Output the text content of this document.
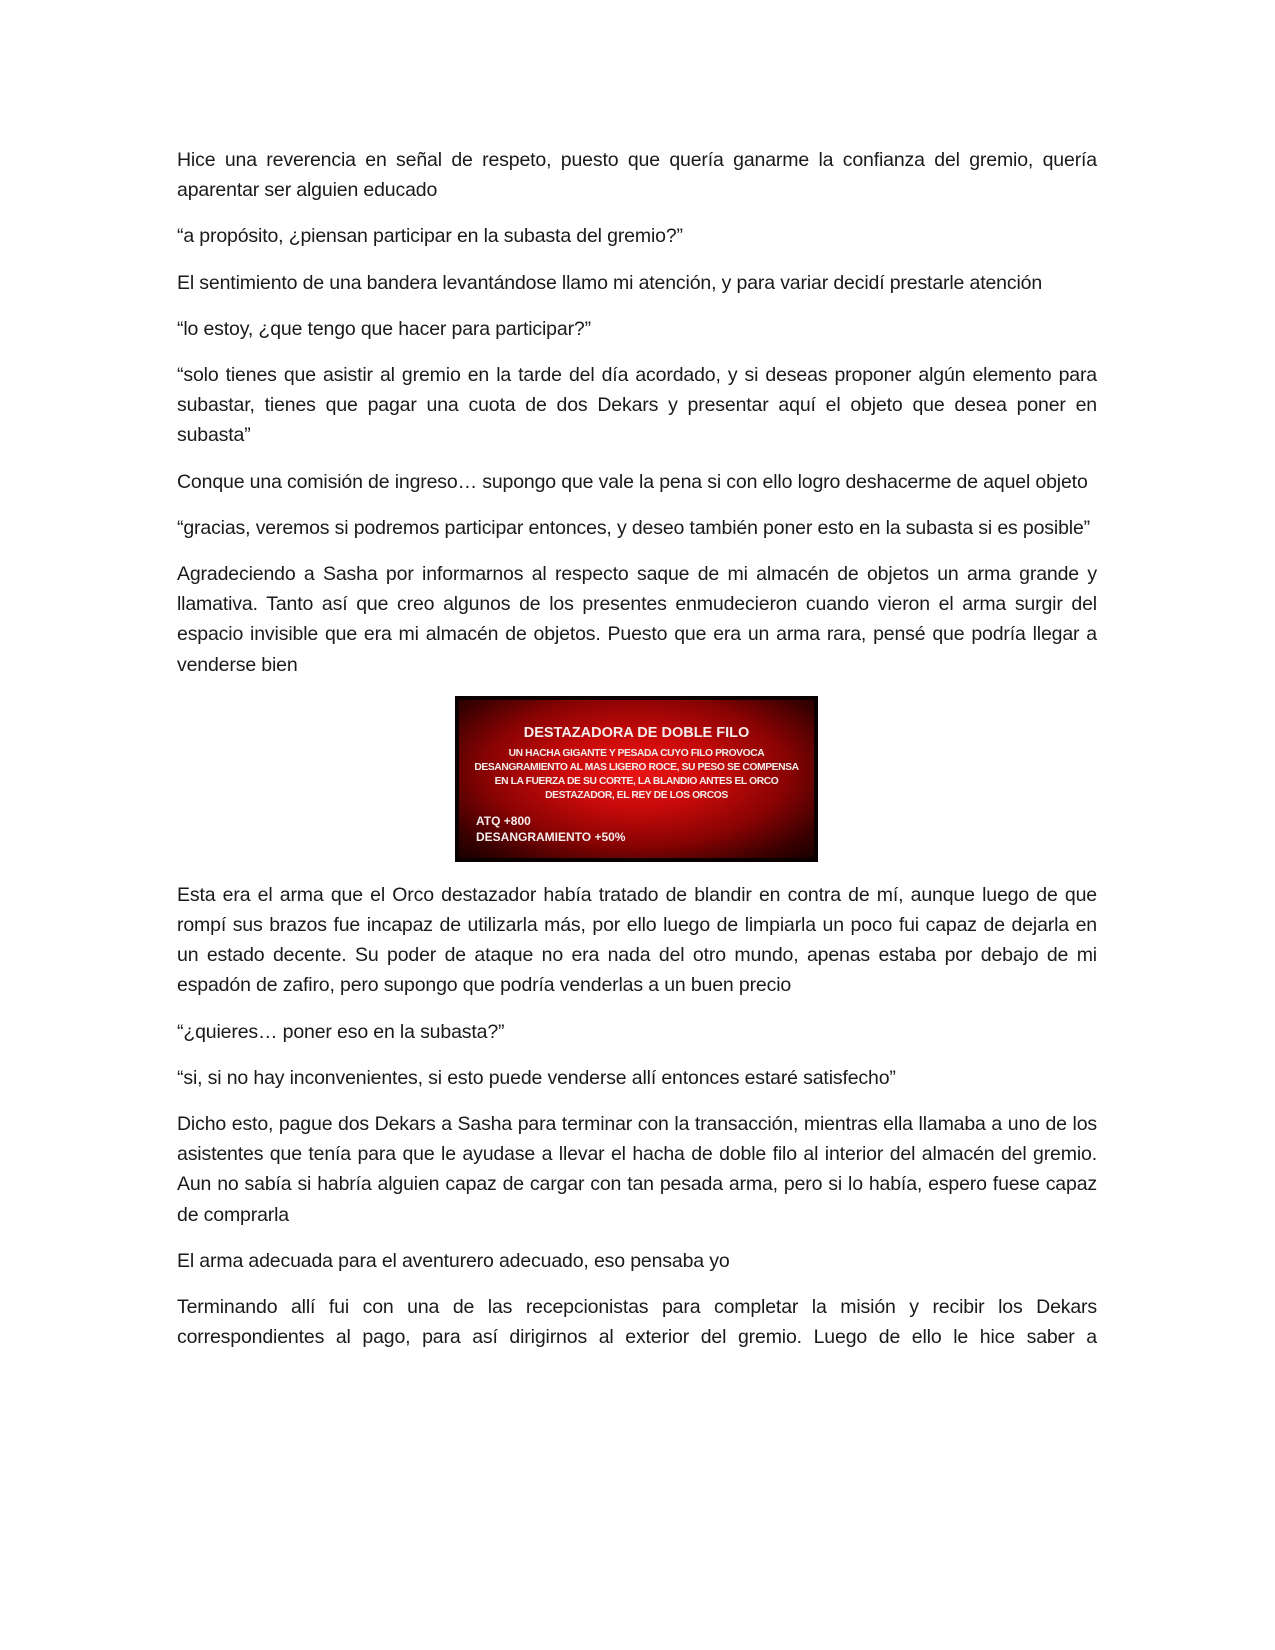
Hice una reverencia en señal de respeto, puesto que quería ganarme la confianza del gremio, quería aparentar ser alguien educado

“a propósito, ¿piensan participar en la subasta del gremio?”

El sentimiento de una bandera levantándose llamo mi atención, y para variar decidí prestarle atención

“lo estoy, ¿que tengo que hacer para participar?”

“solo tienes que asistir al gremio en la tarde del día acordado, y si deseas proponer algún elemento para subastar, tienes que pagar una cuota de dos Dekars y presentar aquí el objeto que desea poner en subasta”

Conque una comisión de ingreso… supongo que vale la pena si con ello logro deshacerme de aquel objeto

“gracias, veremos si podremos participar entonces, y deseo también poner esto en la subasta si es posible”

Agradeciendo a Sasha por informarnos al respecto saque de mi almacén de objetos un arma grande y llamativa. Tanto así que creo algunos de los presentes enmudecieron cuando vieron el arma surgir del espacio invisible que era mi almacén de objetos. Puesto que era un arma rara, pensé que podría llegar a venderse bien

DESTAZADORA DE DOBLE FILO
UN HACHA GIGANTE Y PESADA CUYO FILO PROVOCA DESANGRAMIENTO AL MAS LIGERO ROCE, SU PESO SE COMPENSA EN LA FUERZA DE SU CORTE, LA BLANDIO ANTES EL ORCO DESTAZADOR, EL REY DE LOS ORCOS
ATQ +800
DESANGRAMIENTO +50%

Esta era el arma que el Orco destazador había tratado de blandir en contra de mí, aunque luego de que rompí sus brazos fue incapaz de utilizarla más, por ello luego de limpiarla un poco fui capaz de dejarla en un estado decente. Su poder de ataque no era nada del otro mundo, apenas estaba por debajo de mi espadón de zafiro, pero supongo que podría venderlas a un buen precio

“¿quieres… poner eso en la subasta?”

“si, si no hay inconvenientes, si esto puede venderse allí entonces estaré satisfecho”

Dicho esto, pague dos Dekars a Sasha para terminar con la transacción, mientras ella llamaba a uno de los asistentes que tenía para que le ayudase a llevar el hacha de doble filo al interior del almacén del gremio. Aun no sabía si habría alguien capaz de cargar con tan pesada arma, pero si lo había, espero fuese capaz de comprarla

El arma adecuada para el aventurero adecuado, eso pensaba yo

Terminando allí fui con una de las recepcionistas para completar la misión y recibir los Dekars correspondientes al pago, para así dirigirnos al exterior del gremio. Luego de ello le hice saber a
